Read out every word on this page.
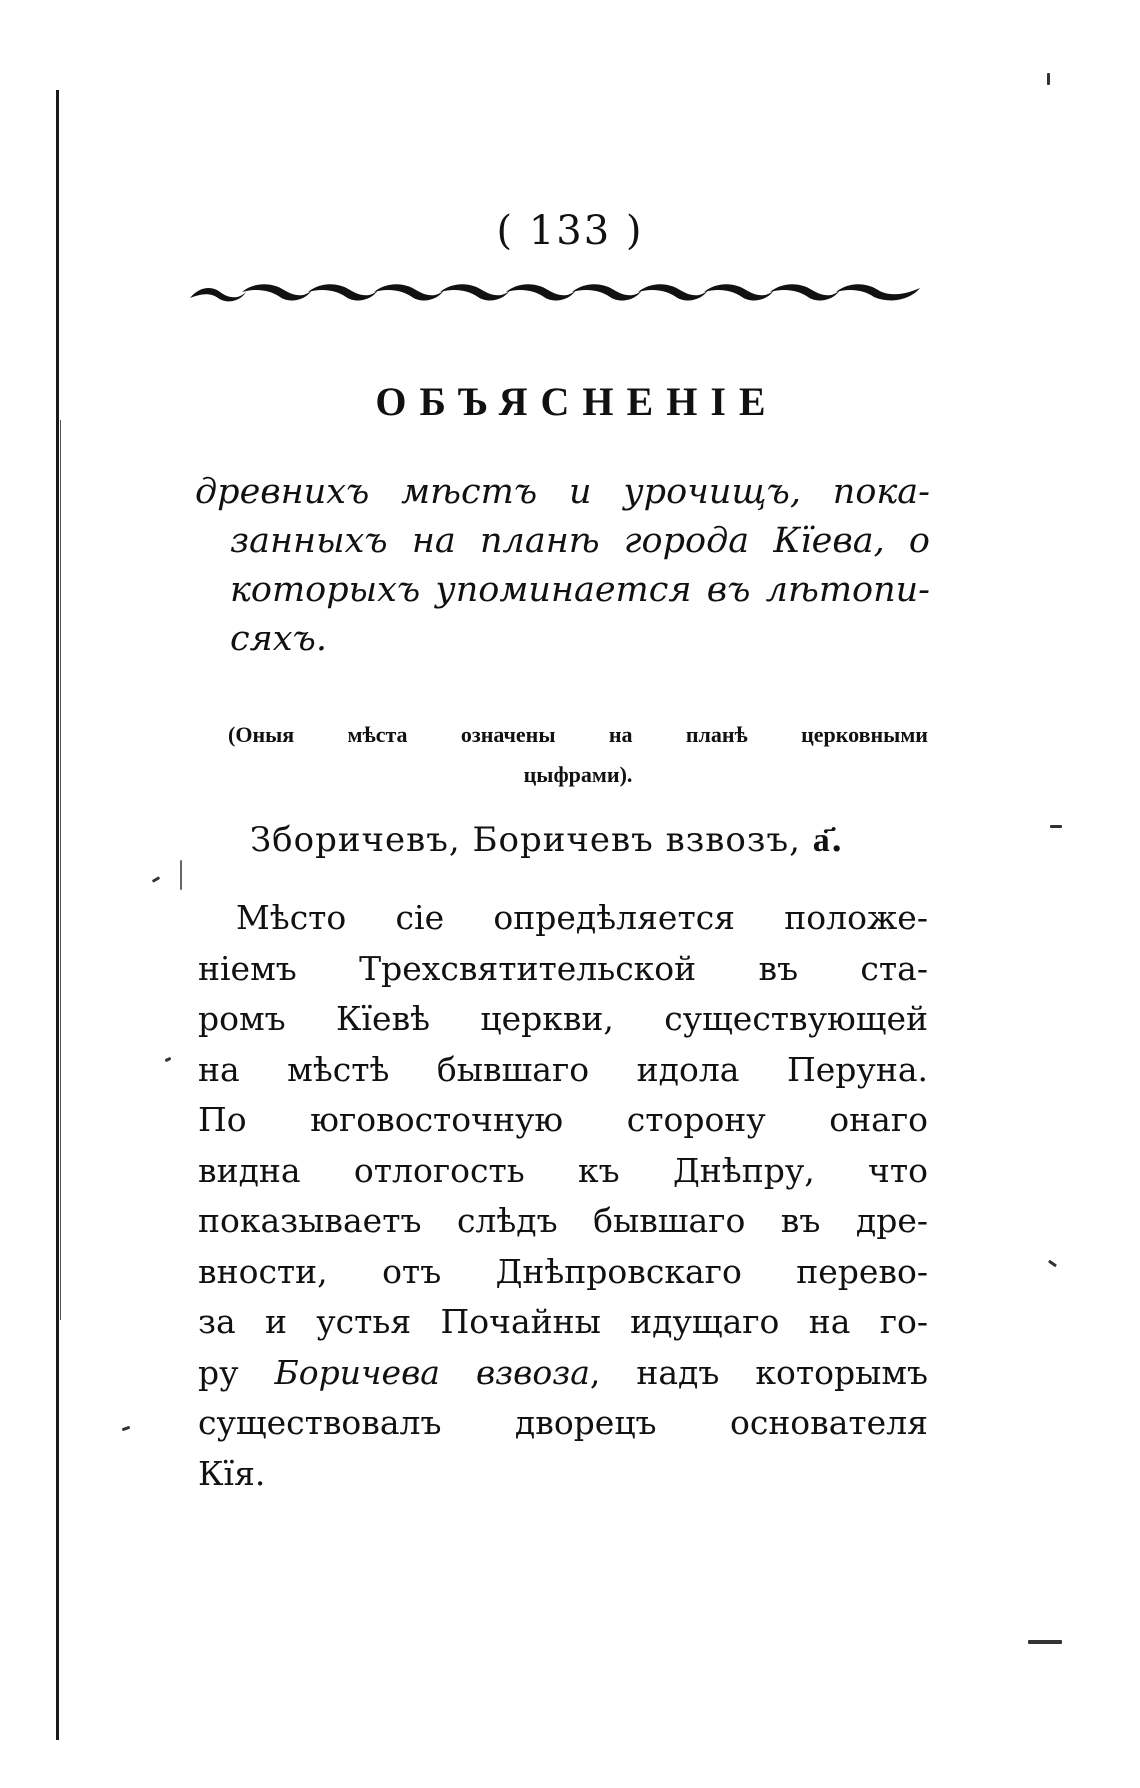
( 133 )
ОБЪЯСНЕНІЕ
древнихъ мѣстъ и урочищъ, пока-
занныхъ на планѣ города Кїева, о
которыхъ упоминается въ лѣтопи-
сяхъ.
(Оныя мѣста означены на планѣ церковными
цыфрами).
Зборичевъ, Боричевъ взвозъ, а҃.
Мѣсто сіе опредѣляется положе-
ніемъ Трехсвятительской въ ста-
ромъ Кїевѣ церкви, существующей
на мѣстѣ бывшаго идола Перуна.
По юговосточную сторону онаго
видна отлогость къ Днѣпру, что
показываетъ слѣдъ бывшаго въ дре-
вности, отъ Днѣпровскаго перево-
за и устья Почайны идущаго на го-
ру Боричева взвоза, надъ которымъ
существовалъ дворецъ основателя
Кїя.
